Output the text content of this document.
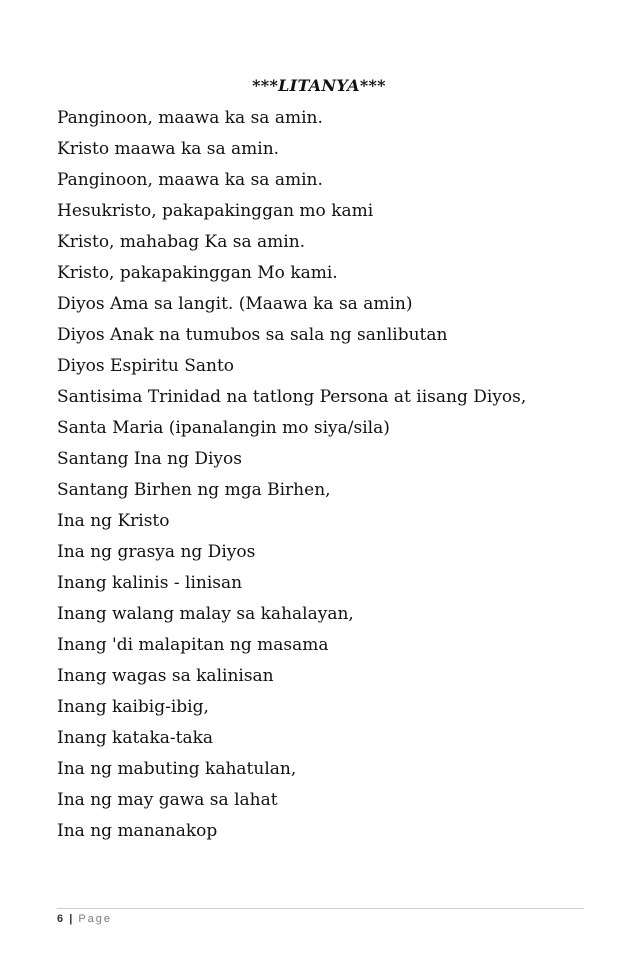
***LITANYA***
Panginoon, maawa ka sa amin.
Kristo maawa ka sa amin.
Panginoon, maawa ka sa amin.
Hesukristo, pakapakinggan mo kami
Kristo, mahabag Ka sa amin.
Kristo, pakapakinggan Mo kami.
Diyos Ama sa langit. (Maawa ka sa amin)
Diyos Anak na tumubos sa sala ng sanlibutan
Diyos Espiritu Santo
Santisima Trinidad na tatlong Persona at iisang Diyos,
Santa Maria (ipanalangin mo siya/sila)
Santang Ina ng Diyos
Santang Birhen ng mga Birhen,
Ina ng Kristo
Ina ng grasya ng Diyos
Inang kalinis - linisan
Inang walang malay sa kahalayan,
Inang 'di malapitan ng masama
Inang wagas sa kalinisan
Inang kaibig-ibig,
Inang kataka-taka
Ina ng mabuting kahatulan,
Ina ng may gawa sa lahat
Ina ng mananakop
6 | Page
